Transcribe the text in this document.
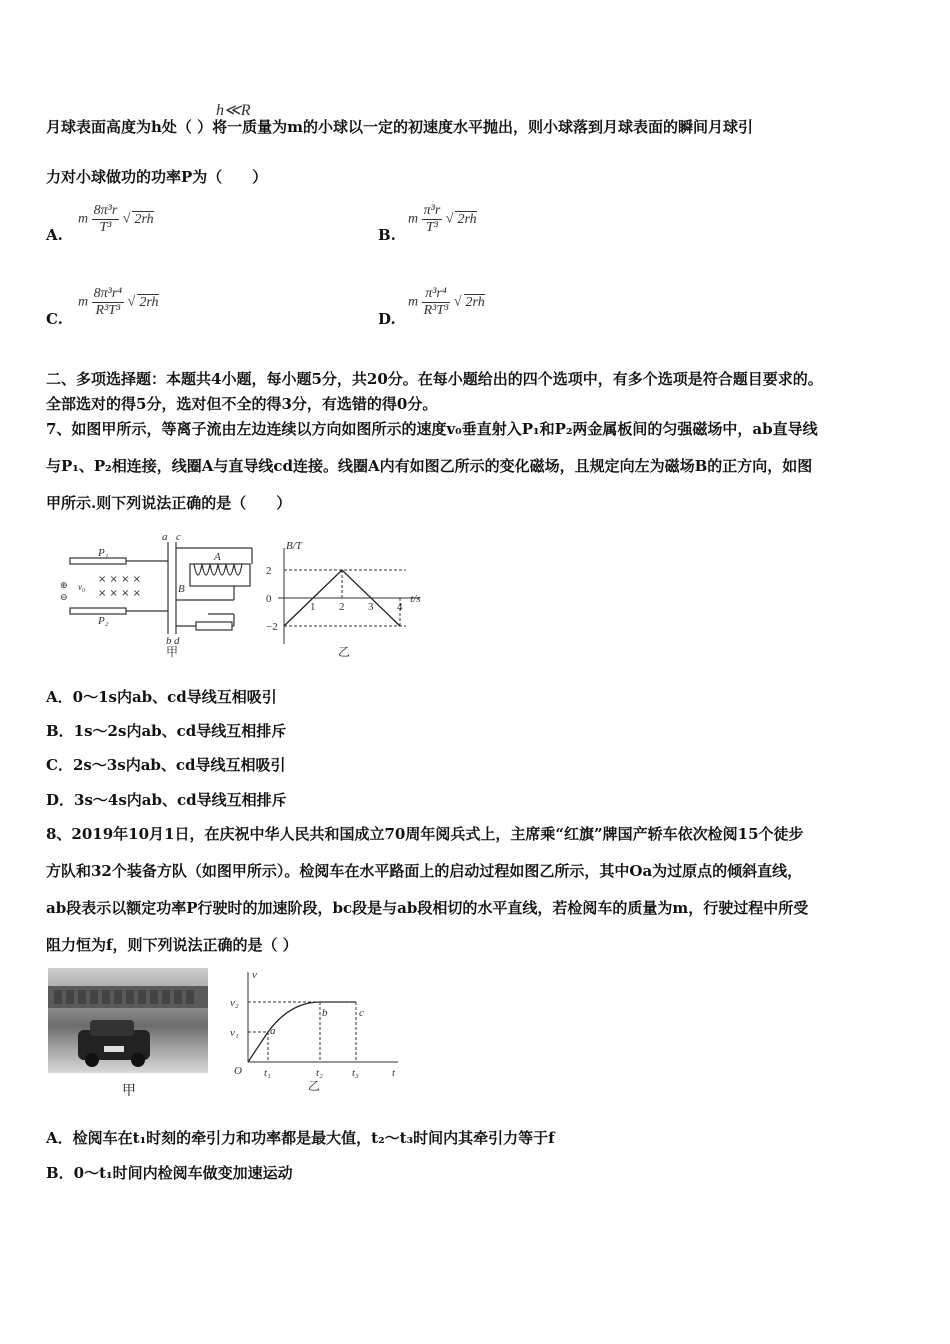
月球表面高度为h处（ ）将一质量为m的小球以一定的初速度水平抛出，则小球落到月球表面的瞬间月球引
h≪R
力对小球做功的功率P为（　　）
A.
m $\frac{\text{8π³r}}{\text{T³}}$ √ 2rh
B.
m $\frac{\text{π³r}}{\text{T³}}$ √ 2rh
C.
m $\frac{\text{8π³r⁴}}{\text{R³T³}}$ √ 2rh
D.
m $\frac{\text{π³r⁴}}{\text{R³T³}}$ √ 2rh
二、多项选择题：本题共4小题，每小题5分，共20分。在每小题给出的四个选项中，有多个选项是符合题目要求的。
全部选对的得5分，选对但不全的得3分，有选错的得0分。
7、如图甲所示，等离子流由左边连续以方向如图所示的速度v₀垂直射入P₁和P₂两金属板间的匀强磁场中，ab直导线
与P₁、P₂相连接，线圈A与直导线cd连接。线圈A内有如图乙所示的变化磁场，且规定向左为磁场B的正方向，如图
甲所示.则下列说法正确的是（　　）
a c
b d
A
B
P₁
P₂
v₀
× × × ×
× × × ×
⊕
⊖
甲
1 2 3 4
2
0
−2
B/T
t/s
乙
A．0～1s内ab、cd导线互相吸引
B．1s～2s内ab、cd导线互相排斥
C．2s～3s内ab、cd导线互相吸引
D．3s～4s内ab、cd导线互相排斥
8、2019年10月1日，在庆祝中华人民共和国成立70周年阅兵式上，主席乘“红旗”牌国产轿车依次检阅15个徒步
方队和32个装备方队（如图甲所示）。检阅车在水平路面上的启动过程如图乙所示，其中Oa为过原点的倾斜直线，
ab段表示以额定功率P行驶时的加速阶段，bc段是与ab段相切的水平直线，若检阅车的质量为m，行驶过程中所受
阻力恒为f，则下列说法正确的是（ ）
甲
v
t
O
a
b	c
t₁	t₂	t₃
v₁
v₂
乙
A．检阅车在t₁时刻的牵引力和功率都是最大值，t₂～t₃时间内其牵引力等于f
B．0～t₁时间内检阅车做变加速运动
